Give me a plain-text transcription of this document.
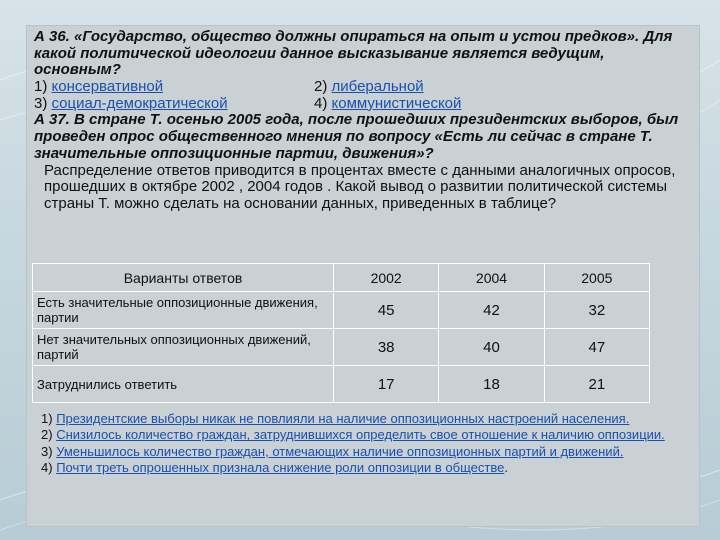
А 36. «Государство, общество должны опираться на опыт и устои предков». Для какой политической идеологии данное высказывание является ведущим, основным?
1) консервативной	2) либеральной
3) социал-демократической	4) коммунистической
А 37. В стране Т. осенью 2005 года, после прошедших президентских выборов, был проведен опрос общественного мнения по вопросу «Есть ли сейчас в стране Т. значительные оппозиционные партии, движения»?
Распределение ответов приводится в процентах вместе с данными аналогичных опросов, прошедших в октябре 2002 , 2004 годов . Какой вывод о развитии политической системы страны Т. можно сделать на основании данных, приведенных в таблице?
Варианты ответов	2002	2004	2005
Есть значительные оппозиционные движения, партии	45	42	32
Нет значительных оппозиционных движений, партий	38	40	47
Затруднились ответить	17	18	21
1) Президентские выборы никак не повлияли на наличие оппозиционных настроений населения.
2) Снизилось количество граждан, затруднившихся определить свое отношение к наличию оппозиции.
3) Уменьшилось количество граждан, отмечающих наличие оппозиционных партий и движений.
4) Почти треть опрошенных признала снижение роли оппозиции в обществе.
